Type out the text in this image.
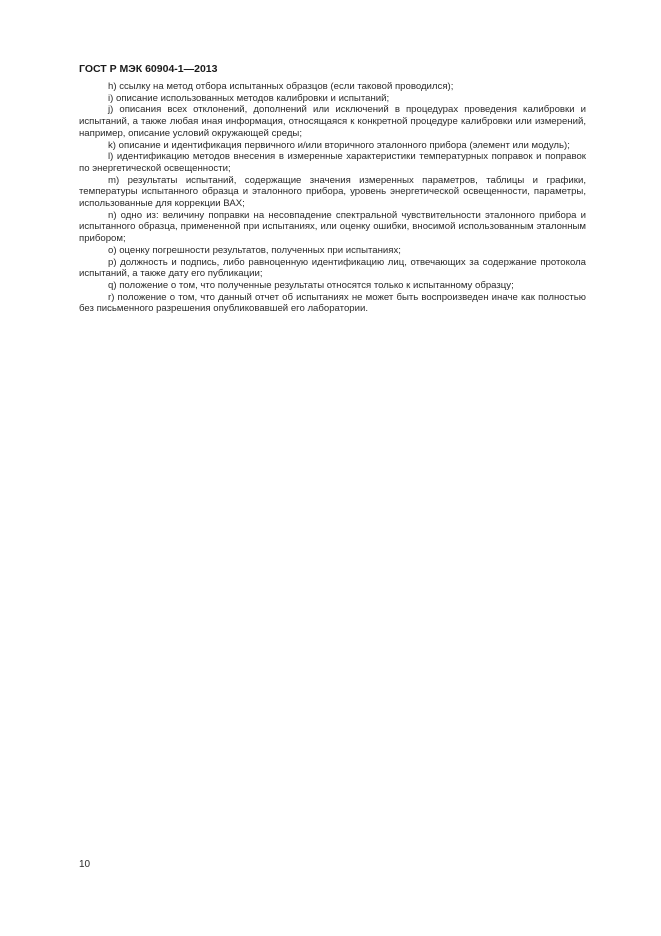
ГОСТ Р МЭК 60904-1—2013

h) ссылку на метод отбора испытанных образцов (если таковой проводился);

i) описание использованных методов калибровки и испытаний;

j) описания всех отклонений, дополнений или исключений в процедурах проведения калибровки и испытаний, а также любая иная информация, относящаяся к конкретной процедуре калибровки или измерений, например, описание условий окружающей среды;

k) описание и идентификация первичного и/или вторичного эталонного прибора (элемент или модуль);

l) идентификацию методов внесения в измеренные характеристики температурных поправок и поправок по энергетической освещенности;

m) результаты испытаний, содержащие значения измеренных параметров, таблицы и графики, температуры испытанного образца и эталонного прибора, уровень энергетической освещенности, параметры, использованные для коррекции ВАХ;

n) одно из: величину поправки на несовпадение спектральной чувствительности эталонного прибора и испытанного образца, примененной при испытаниях, или оценку ошибки, вносимой использованным эталонным прибором;

o) оценку погрешности результатов, полученных при испытаниях;

p) должность и подпись, либо равноценную идентификацию лиц, отвечающих за содержание протокола испытаний, а также дату его публикации;

q) положение о том, что полученные результаты относятся только к испытанному образцу;

r) положение о том, что данный отчет об испытаниях не может быть воспроизведен иначе как полностью без письменного разрешения опубликовавшей его лаборатории.

10
